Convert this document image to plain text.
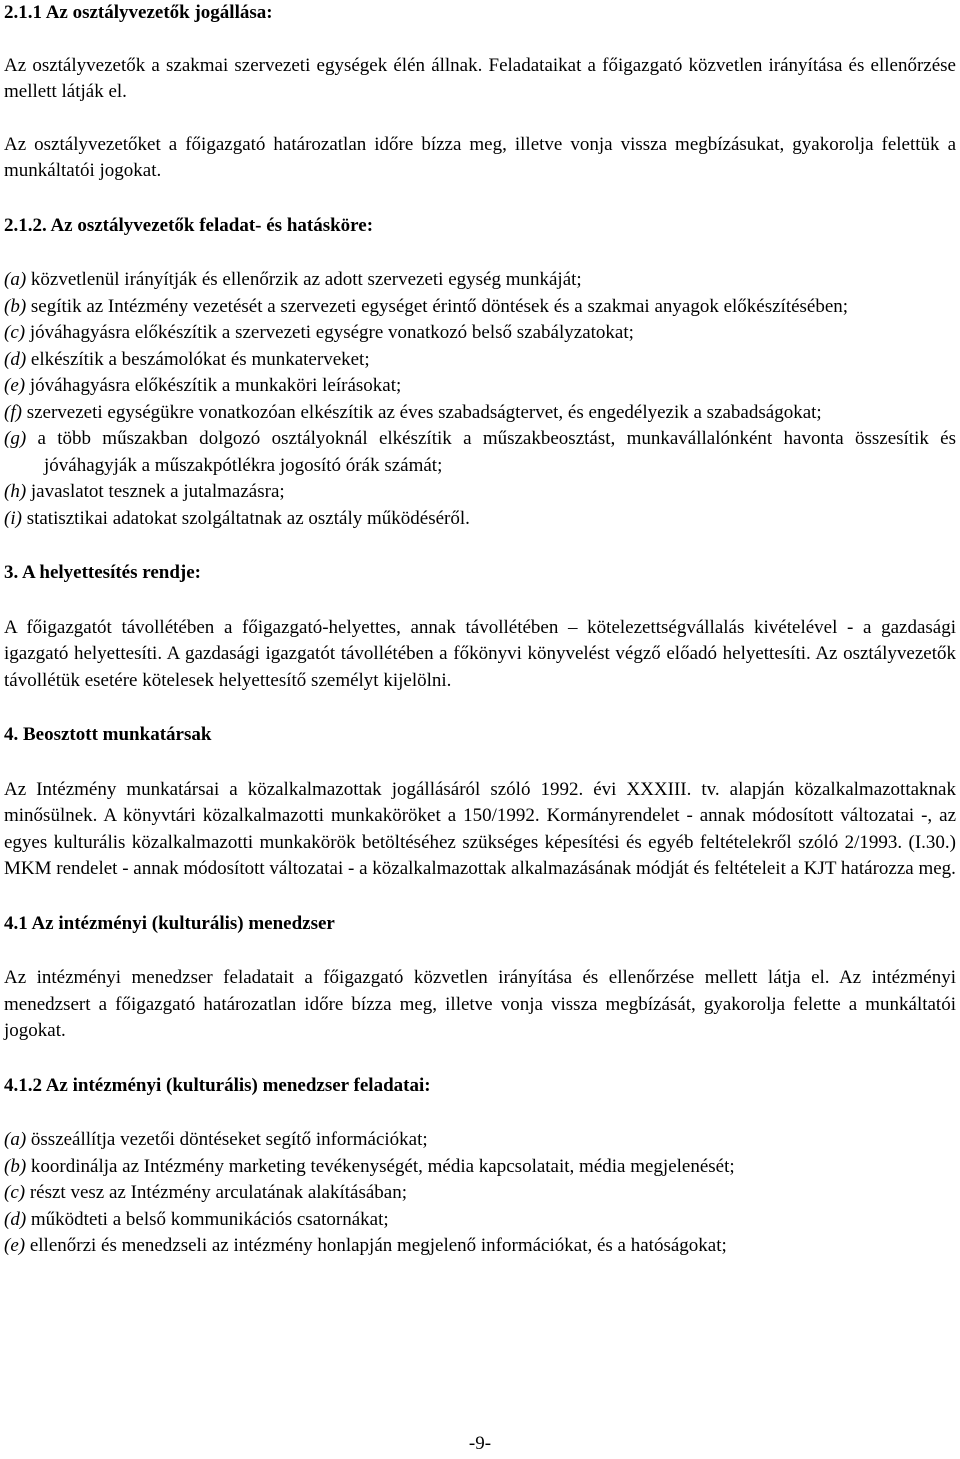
2.1.1 Az osztályvezetők jogállása:

Az osztályvezetők a szakmai szervezeti egységek élén állnak. Feladataikat a főigazgató közvetlen irányítása és ellenőrzése mellett látják el.

Az osztályvezetőket a főigazgató határozatlan időre bízza meg, illetve vonja vissza megbízásukat, gyakorolja felettük a munkáltatói jogokat.

2.1.2. Az osztályvezetők feladat- és hatásköre:

(a) közvetlenül irányítják és ellenőrzik az adott szervezeti egység munkáját;

(b) segítik az Intézmény vezetését a szervezeti egységet érintő döntések és a szakmai anyagok előkészítésében;

(c) jóváhagyásra előkészítik a szervezeti egységre vonatkozó belső szabályzatokat;

(d) elkészítik a beszámolókat és munkaterveket;

(e) jóváhagyásra előkészítik a munkaköri leírásokat;

(f) szervezeti egységükre vonatkozóan elkészítik az éves szabadságtervet, és engedélyezik a szabadságokat;

(g) a több műszakban dolgozó osztályoknál elkészítik a műszakbeosztást, munkavállalónként havonta összesítik és jóváhagyják a műszakpótlékra jogosító órák számát;

(h) javaslatot tesznek a jutalmazásra;

(i) statisztikai adatokat szolgáltatnak az osztály működéséről.

3. A helyettesítés rendje:

A főigazgatót távollétében a főigazgató-helyettes, annak távollétében – kötelezettségvállalás kivételével - a gazdasági igazgató helyettesíti. A gazdasági igazgatót távollétében a főkönyvi könyvelést végző előadó helyettesíti. Az osztályvezetők távollétük esetére kötelesek helyettesítő személyt kijelölni.

4. Beosztott munkatársak

Az Intézmény munkatársai a közalkalmazottak jogállásáról szóló 1992. évi XXXIII. tv. alapján közalkalmazottaknak minősülnek. A könyvtári közalkalmazotti munkaköröket a 150/1992. Kormányrendelet - annak módosított változatai -, az egyes kulturális közalkalmazotti munkakörök betöltéséhez szükséges képesítési és egyéb feltételekről szóló 2/1993. (I.30.) MKM rendelet - annak módosított változatai - a közalkalmazottak alkalmazásának módját és feltételeit a KJT határozza meg.

4.1 Az intézményi (kulturális) menedzser

Az intézményi menedzser feladatait a főigazgató közvetlen irányítása és ellenőrzése mellett látja el. Az intézményi menedzsert a főigazgató határozatlan időre bízza meg, illetve vonja vissza megbízását, gyakorolja felette a munkáltatói jogokat.

4.1.2 Az intézményi (kulturális) menedzser feladatai:

(a) összeállítja vezetői döntéseket segítő információkat;

(b) koordinálja az Intézmény marketing tevékenységét, média kapcsolatait, média megjelenését;

(c) részt vesz az Intézmény arculatának alakításában;

(d) működteti a belső kommunikációs csatornákat;

(e) ellenőrzi és menedzseli az intézmény honlapján megjelenő információkat, és a hatóságokat;

-9-
